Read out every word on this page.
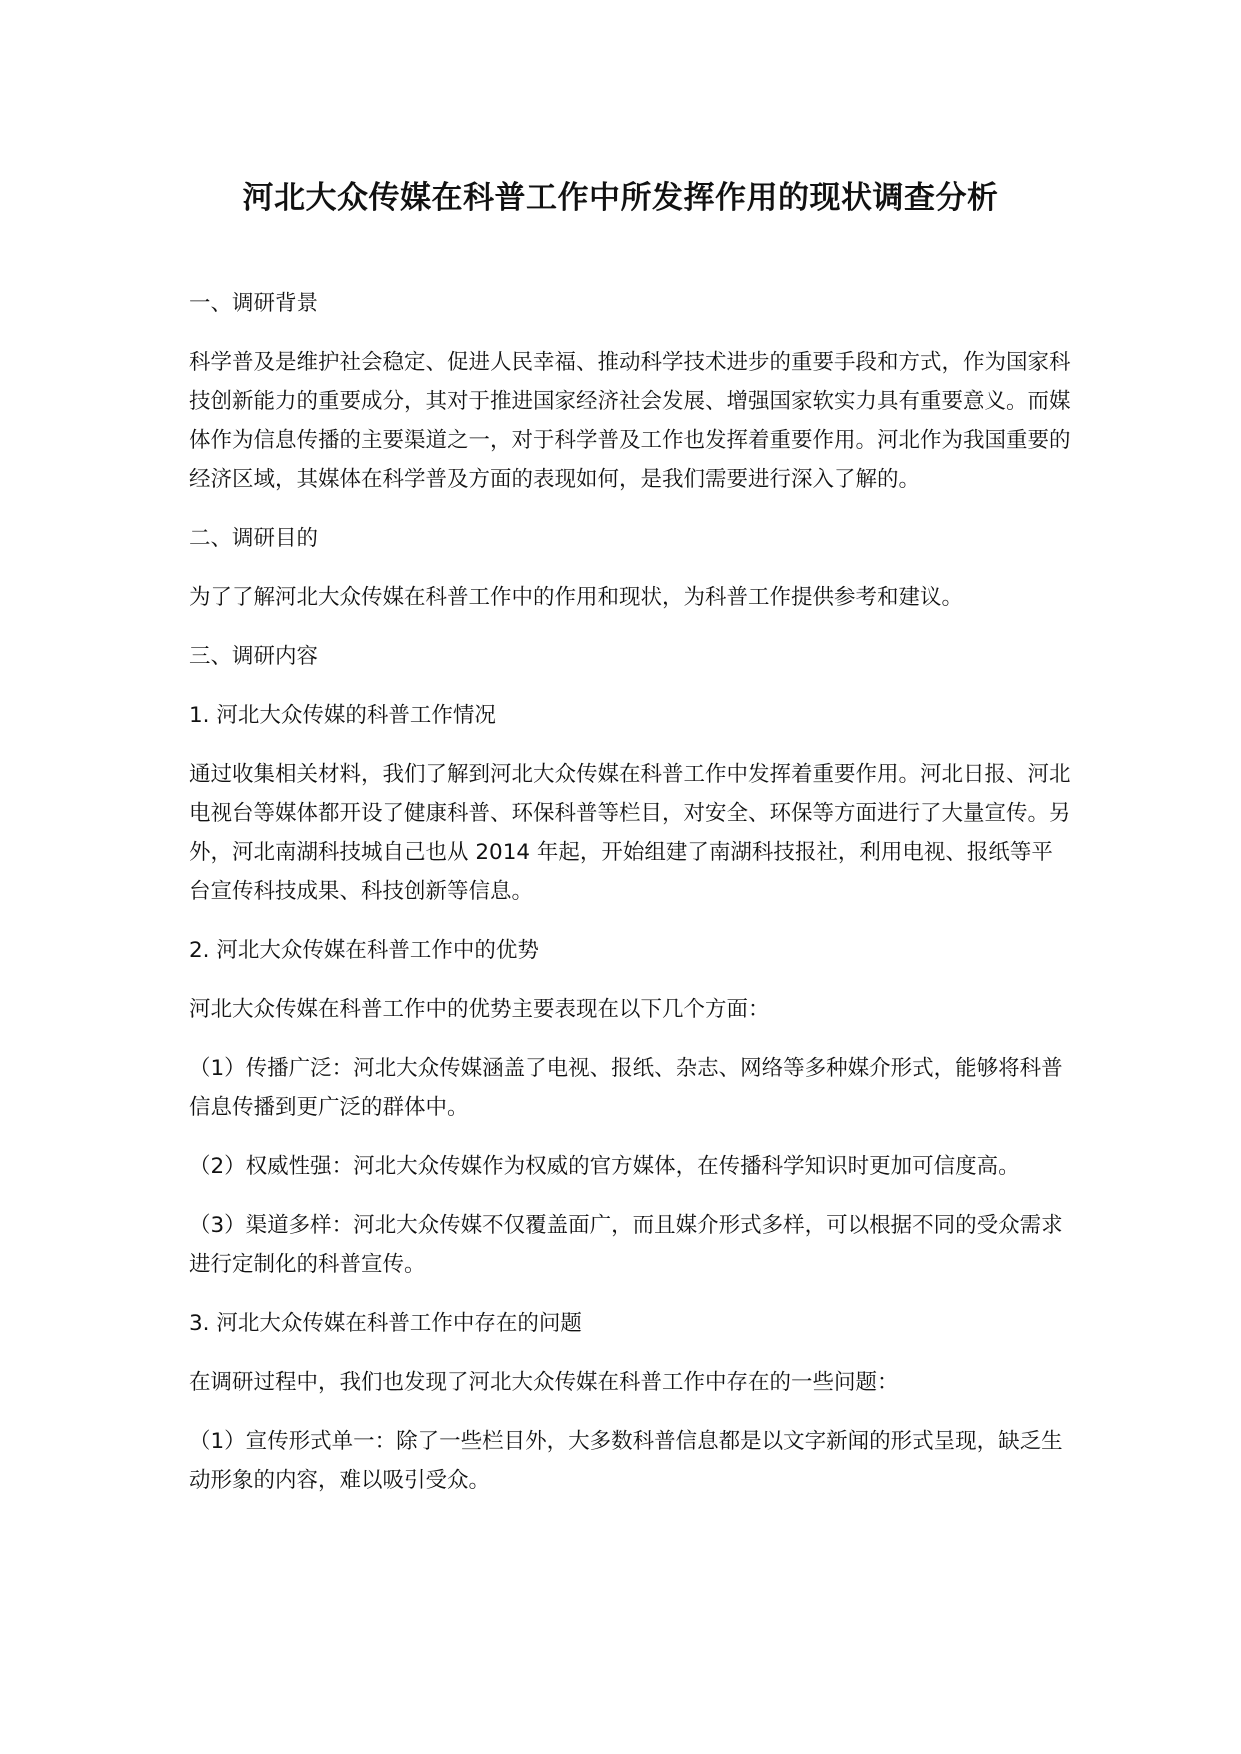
河北大众传媒在科普工作中所发挥作用的现状调查分析

一、调研背景

科学普及是维护社会稳定、促进人民幸福、推动科学技术进步的重要手段和方式，作为国家科技创新能力的重要成分，其对于推进国家经济社会发展、增强国家软实力具有重要意义。而媒体作为信息传播的主要渠道之一，对于科学普及工作也发挥着重要作用。河北作为我国重要的经济区域，其媒体在科学普及方面的表现如何，是我们需要进行深入了解的。

二、调研目的

为了了解河北大众传媒在科普工作中的作用和现状，为科普工作提供参考和建议。

三、调研内容

1. 河北大众传媒的科普工作情况

通过收集相关材料，我们了解到河北大众传媒在科普工作中发挥着重要作用。河北日报、河北电视台等媒体都开设了健康科普、环保科普等栏目，对安全、环保等方面进行了大量宣传。另外，河北南湖科技城自己也从 2014 年起，开始组建了南湖科技报社，利用电视、报纸等平台宣传科技成果、科技创新等信息。

2. 河北大众传媒在科普工作中的优势

河北大众传媒在科普工作中的优势主要表现在以下几个方面：

（1）传播广泛：河北大众传媒涵盖了电视、报纸、杂志、网络等多种媒介形式，能够将科普信息传播到更广泛的群体中。

（2）权威性强：河北大众传媒作为权威的官方媒体，在传播科学知识时更加可信度高。

（3）渠道多样：河北大众传媒不仅覆盖面广，而且媒介形式多样，可以根据不同的受众需求进行定制化的科普宣传。

3. 河北大众传媒在科普工作中存在的问题

在调研过程中，我们也发现了河北大众传媒在科普工作中存在的一些问题：

（1）宣传形式单一：除了一些栏目外，大多数科普信息都是以文字新闻的形式呈现，缺乏生动形象的内容，难以吸引受众。
